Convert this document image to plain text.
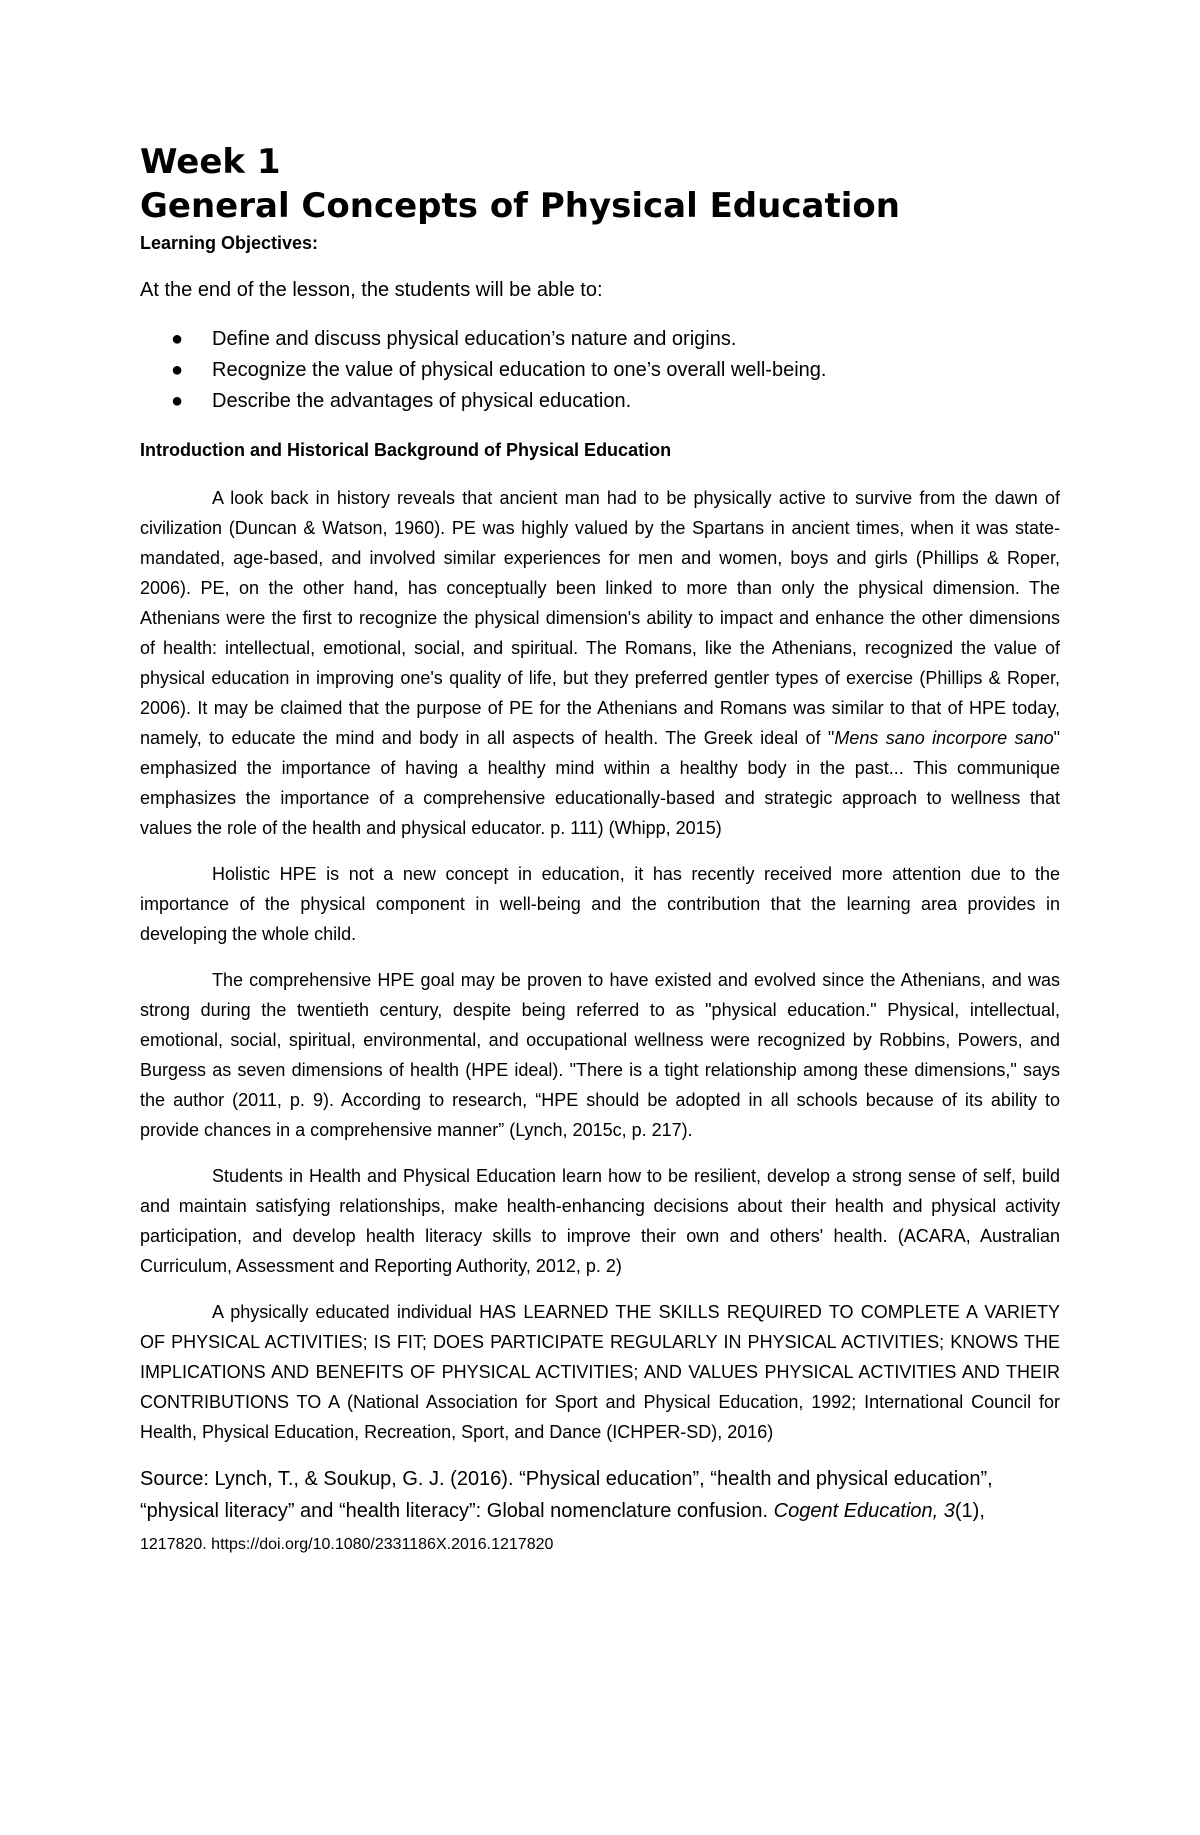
Week 1
General Concepts of Physical Education
Learning Objectives:
At the end of the lesson, the students will be able to:
● Define and discuss physical education’s nature and origins.
● Recognize the value of physical education to one’s overall well-being.
● Describe the advantages of physical education.
Introduction and Historical Background of Physical Education

A look back in history reveals that ancient man had to be physically active to survive from the dawn of civilization (Duncan & Watson, 1960). PE was highly valued by the Spartans in ancient times, when it was state-mandated, age-based, and involved similar experiences for men and women, boys and girls (Phillips & Roper, 2006). PE, on the other hand, has conceptually been linked to more than only the physical dimension. The Athenians were the first to recognize the physical dimension's ability to impact and enhance the other dimensions of health: intellectual, emotional, social, and spiritual. The Romans, like the Athenians, recognized the value of physical education in improving one's quality of life, but they preferred gentler types of exercise (Phillips & Roper, 2006). It may be claimed that the purpose of PE for the Athenians and Romans was similar to that of HPE today, namely, to educate the mind and body in all aspects of health. The Greek ideal of "Mens sano incorpore sano" emphasized the importance of having a healthy mind within a healthy body in the past... This communique emphasizes the importance of a comprehensive educationally-based and strategic approach to wellness that values the role of the health and physical educator. p. 111) (Whipp, 2015)

Holistic HPE is not a new concept in education, it has recently received more attention due to the importance of the physical component in well-being and the contribution that the learning area provides in developing the whole child.

The comprehensive HPE goal may be proven to have existed and evolved since the Athenians, and was strong during the twentieth century, despite being referred to as "physical education." Physical, intellectual, emotional, social, spiritual, environmental, and occupational wellness were recognized by Robbins, Powers, and Burgess as seven dimensions of health (HPE ideal). "There is a tight relationship among these dimensions," says the author (2011, p. 9). According to research, “HPE should be adopted in all schools because of its ability to provide chances in a comprehensive manner” (Lynch, 2015c, p. 217).

Students in Health and Physical Education learn how to be resilient, develop a strong sense of self, build and maintain satisfying relationships, make health-enhancing decisions about their health and physical activity participation, and develop health literacy skills to improve their own and others' health. (ACARA, Australian Curriculum, Assessment and Reporting Authority, 2012, p. 2)

A physically educated individual HAS LEARNED THE SKILLS REQUIRED TO COMPLETE A VARIETY OF PHYSICAL ACTIVITIES; IS FIT; DOES PARTICIPATE REGULARLY IN PHYSICAL ACTIVITIES; KNOWS THE IMPLICATIONS AND BENEFITS OF PHYSICAL ACTIVITIES; AND VALUES PHYSICAL ACTIVITIES AND THEIR CONTRIBUTIONS TO A (National Association for Sport and Physical Education, 1992; International Council for Health, Physical Education, Recreation, Sport, and Dance (ICHPER-SD), 2016)

Source: Lynch, T., & Soukup, G. J. (2016). “Physical education”, “health and physical education”, “physical literacy” and “health literacy”: Global nomenclature confusion. Cogent Education, 3(1),
1217820. https://doi.org/10.1080/2331186X.2016.1217820
